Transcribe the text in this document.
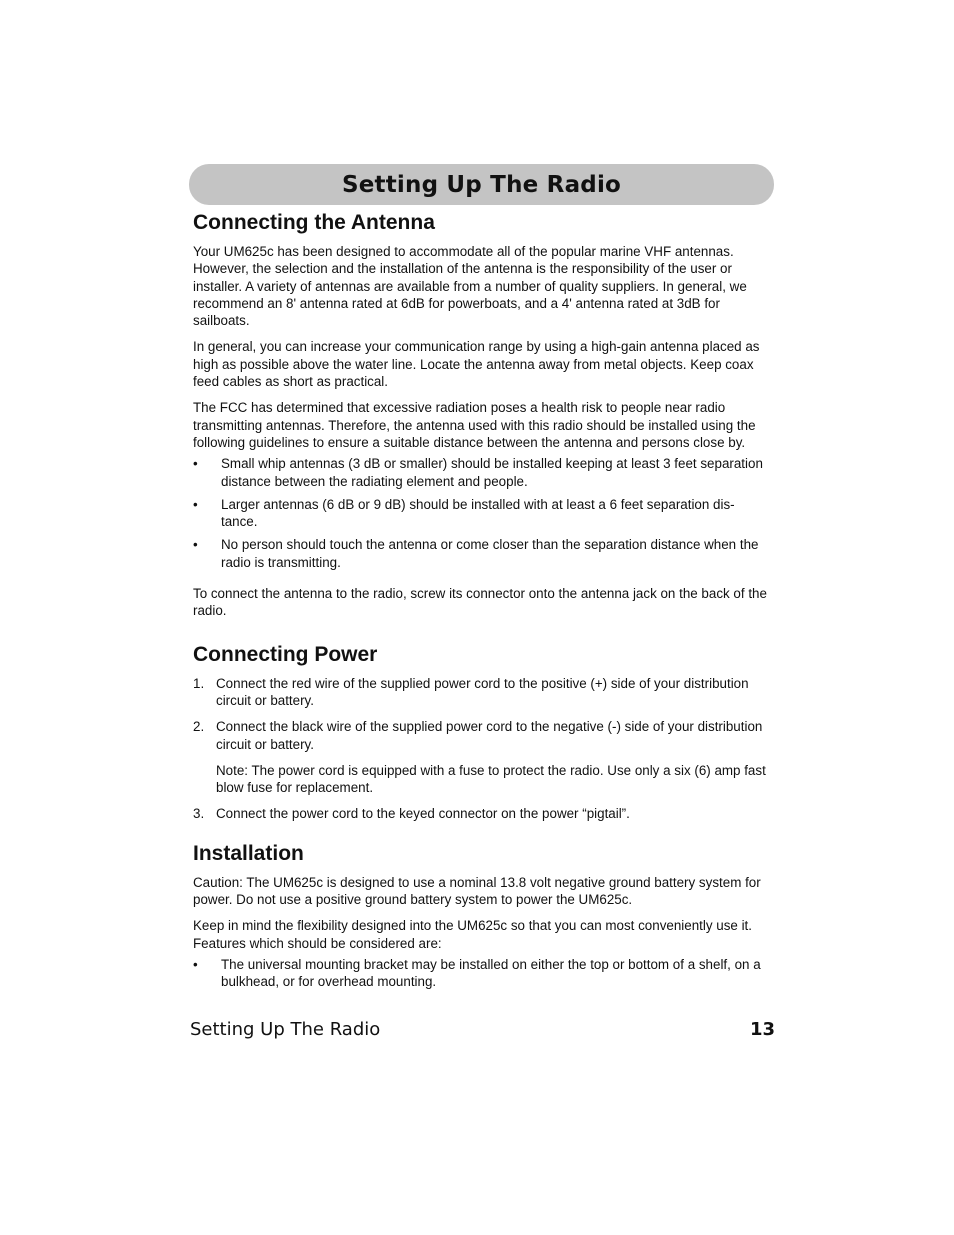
Setting Up The Radio
Connecting the Antenna

Your UM625c has been designed to accommodate all of the popular marine VHF antennas. However, the selection and the installation of the antenna is the responsibility of the user or installer. A variety of antennas are available from a number of quality suppliers. In general, we recommend an 8' antenna rated at 6dB for powerboats, and a 4' antenna rated at 3dB for sailboats.

In general, you can increase your communication range by using a high-gain antenna placed as high as possible above the water line. Locate the antenna away from metal objects. Keep coax feed cables as short as practical.

The FCC has determined that excessive radiation poses a health risk to people near radio transmitting antennas. Therefore, the antenna used with this radio should be installed using the following guidelines to ensure a suitable distance between the antenna and persons close by.

• Small whip antennas (3 dB or smaller) should be installed keeping at least 3 feet separation distance between the radiating element and people.
• Larger antennas (6 dB or 9 dB) should be installed with at least a 6 feet separation dis- tance.
• No person should touch the antenna or come closer than the separation distance when the radio is transmitting.

To connect the antenna to the radio, screw its connector onto the antenna jack on the back of the radio.

Connecting Power
1. Connect the red wire of the supplied power cord to the positive (+) side of your distribution circuit or battery.
2. Connect the black wire of the supplied power cord to the negative (-) side of your distribution circuit or battery.
Note: The power cord is equipped with a fuse to protect the radio. Use only a six (6) amp fast blow fuse for replacement.
3. Connect the power cord to the keyed connector on the power “pigtail”.
Installation

Caution: The UM625c is designed to use a nominal 13.8 volt negative ground battery system for power. Do not use a positive ground battery system to power the UM625c.

Keep in mind the flexibility designed into the UM625c so that you can most conveniently use it. Features which should be considered are:

• The universal mounting bracket may be installed on either the top or bottom of a shelf, on a bulkhead, or for overhead mounting.
Setting Up The Radio	13
